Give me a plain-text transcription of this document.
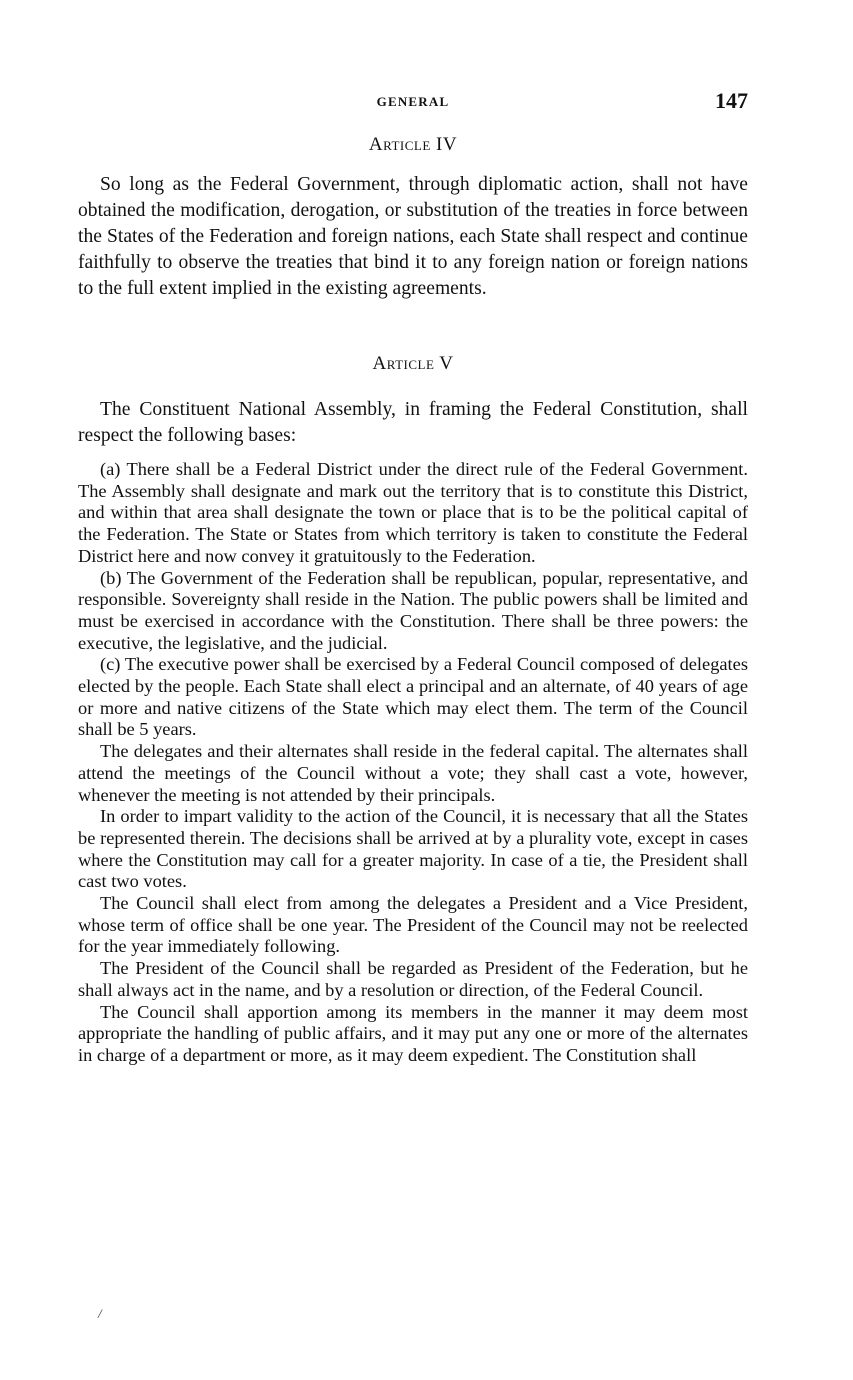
GENERAL	147
Article IV

So long as the Federal Government, through diplomatic action, shall not have obtained the modification, derogation, or substitution of the treaties in force between the States of the Federation and foreign nations, each State shall respect and continue faithfully to observe the treaties that bind it to any foreign nation or foreign nations to the full extent implied in the existing agreements.

Article V

The Constituent National Assembly, in framing the Federal Constitution, shall respect the following bases:

(a) There shall be a Federal District under the direct rule of the Federal Government. The Assembly shall designate and mark out the territory that is to constitute this District, and within that area shall designate the town or place that is to be the political capital of the Federation. The State or States from which territory is taken to constitute the Federal District here and now convey it gratuitously to the Federation.

(b) The Government of the Federation shall be republican, popular, representative, and responsible. Sovereignty shall reside in the Nation. The public powers shall be limited and must be exercised in accordance with the Constitution. There shall be three powers: the executive, the legislative, and the judicial.

(c) The executive power shall be exercised by a Federal Council composed of delegates elected by the people. Each State shall elect a principal and an alternate, of 40 years of age or more and native citizens of the State which may elect them. The term of the Council shall be 5 years.

The delegates and their alternates shall reside in the federal capital. The alternates shall attend the meetings of the Council without a vote; they shall cast a vote, however, whenever the meeting is not attended by their principals.

In order to impart validity to the action of the Council, it is necessary that all the States be represented therein. The decisions shall be arrived at by a plurality vote, except in cases where the Constitution may call for a greater majority. In case of a tie, the President shall cast two votes.

The Council shall elect from among the delegates a President and a Vice President, whose term of office shall be one year. The President of the Council may not be reelected for the year immediately following.

The President of the Council shall be regarded as President of the Federation, but he shall always act in the name, and by a resolution or direction, of the Federal Council.

The Council shall apportion among its members in the manner it may deem most appropriate the handling of public affairs, and it may put any one or more of the alternates in charge of a department or more, as it may deem expedient. The Constitution shall

/
